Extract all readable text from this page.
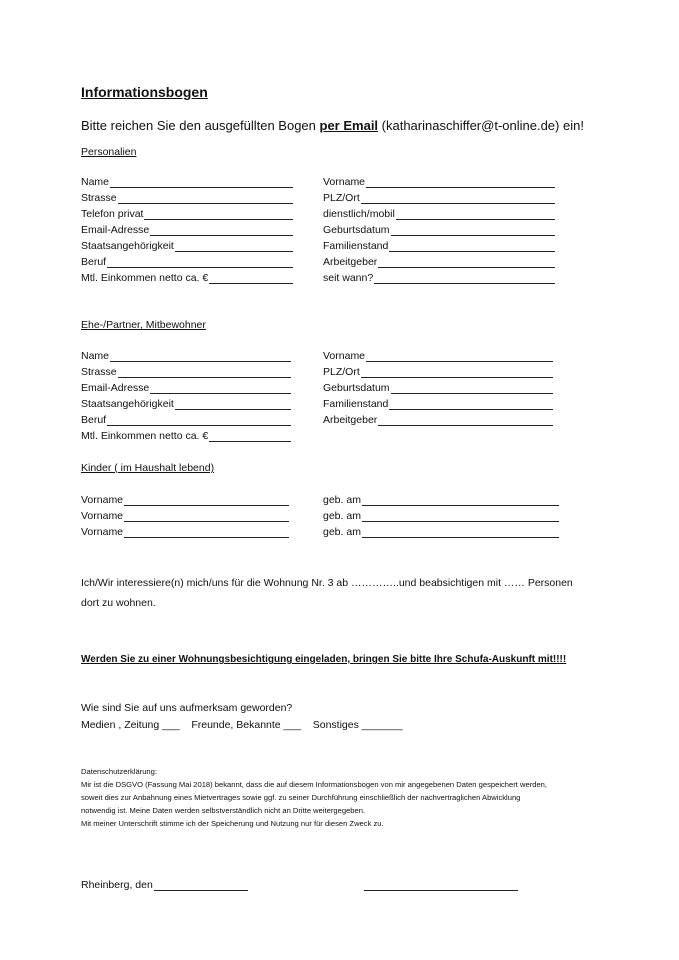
Informationsbogen
Bitte reichen Sie den ausgefüllten Bogen per Email (katharinaschiffer@t-online.de) ein!
Personalien
Name
Strasse
Telefon privat
Email-Adresse
Staatsangehörigkeit
Beruf
Mtl. Einkommen netto ca. €
Vorname
PLZ/Ort
dienstlich/mobil
Geburtsdatum
Familienstand
Arbeitgeber
seit wann?
Ehe-/Partner, Mitbewohner
Name
Strasse
Email-Adresse
Staatsangehörigkeit
Beruf
Mtl. Einkommen netto ca. €
Vorname
PLZ/Ort
Geburtsdatum
Familienstand
Arbeitgeber
Kinder ( im Haushalt lebend)
Vorname
Vorname
Vorname
geb. am
geb. am
geb. am
Ich/Wir interessiere(n) mich/uns für die Wohnung Nr. 3 ab …………..und beabsichtigen mit …… Personen dort zu wohnen.
Werden Sie zu einer Wohnungsbesichtigung eingeladen, bringen Sie bitte Ihre Schufa-Auskunft mit!!!!
Wie sind Sie auf uns aufmerksam geworden?
Medien , Zeitung ___    Freunde, Bekannte ___    Sonstiges _______
Datenschutzerklärung:
Mir ist die DSGVO (Fassung Mai 2018) bekannt, dass die auf diesem Informationsbogen von mir angegebenen Daten gespeichert werden,
soweit dies zur Anbahnung eines Mietvertrages sowie ggf. zu seiner Durchführung einschließlich der nachvertraglichen Abwicklung
notwendig ist. Meine Daten werden selbstverständlich nicht an Dritte weitergegeben.
Mit meiner Unterschrift stimme ich der Speicherung und Nutzung nur für diesen Zweck zu.
Rheinberg, den
